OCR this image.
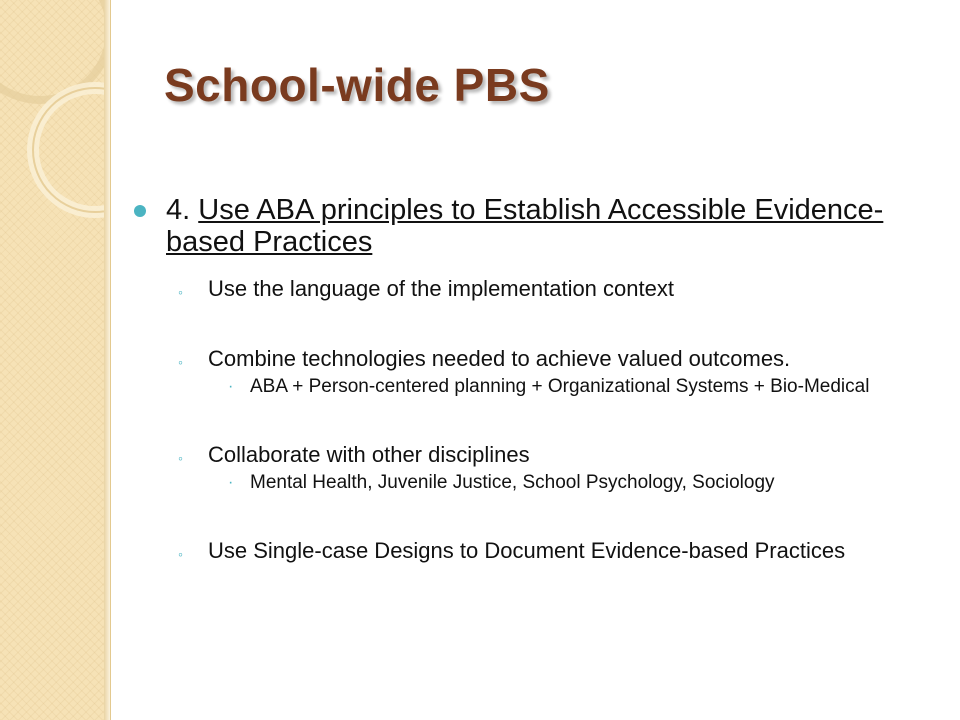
School-wide PBS
4. Use ABA principles to Establish Accessible Evidence-based Practices
◦ Use the language of the implementation context
◦ Combine technologies needed to achieve valued outcomes.
· ABA + Person-centered planning + Organizational Systems + Bio-Medical
◦ Collaborate with other disciplines
· Mental Health, Juvenile Justice, School Psychology, Sociology
◦ Use Single-case Designs to Document Evidence-based Practices
